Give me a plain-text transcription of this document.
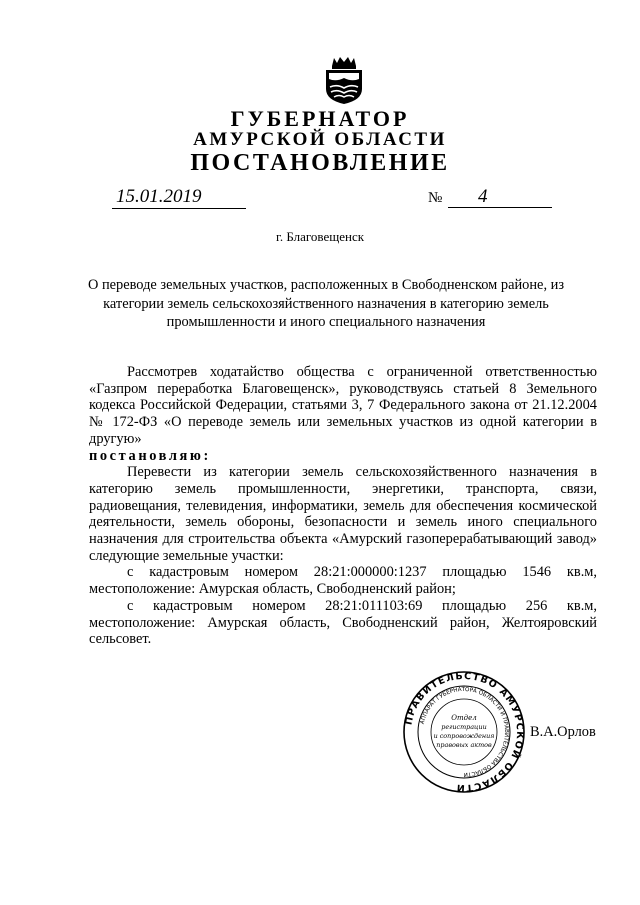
ГУБЕРНАТОР
АМУРСКОЙ ОБЛАСТИ
ПОСТАНОВЛЕНИЕ
15.01.2019	№	4
г. Благовещенск
О переводе земельных участков, расположенных в Свободненском районе, из категории земель сельскохозяйственного назначения в категорию земель промышленности и иного специального назначения

Рассмотрев ходатайство общества с ограниченной ответственностью «Газпром переработка Благовещенск», руководствуясь статьей 8 Земельного кодекса Российской Федерации, статьями 3, 7 Федерального закона от 21.12.2004 № 172-ФЗ «О переводе земель или земельных участков из одной категории в другую»

постановляю:

Перевести из категории земель сельскохозяйственного назначения в категорию земель промышленности, энергетики, транспорта, связи, радиовещания, телевидения, информатики, земель для обеспечения космической деятельности, земель обороны, безопасности и земель иного специального назначения для строительства объекта «Амурский газоперерабатывающий завод» следующие земельные участки:

с кадастровым номером 28:21:000000:1237 площадью 1546 кв.м, местоположение: Амурская область, Свободненский район;

с кадастровым номером 28:21:011103:69 площадью 256 кв.м, местоположение: Амурская область, Свободненский район, Желтояровский сельсовет.

ПРАВИТЕЛЬСТВО АМУРСКОЙ ОБЛАСТИ
АППАРАТ ГУБЕРНАТОРА ОБЛАСТИ И ПРАВИТЕЛЬСТВА ОБЛАСТИ
Отдел
регистрации
и сопровождения
правовых актов
В.А.Орлов
